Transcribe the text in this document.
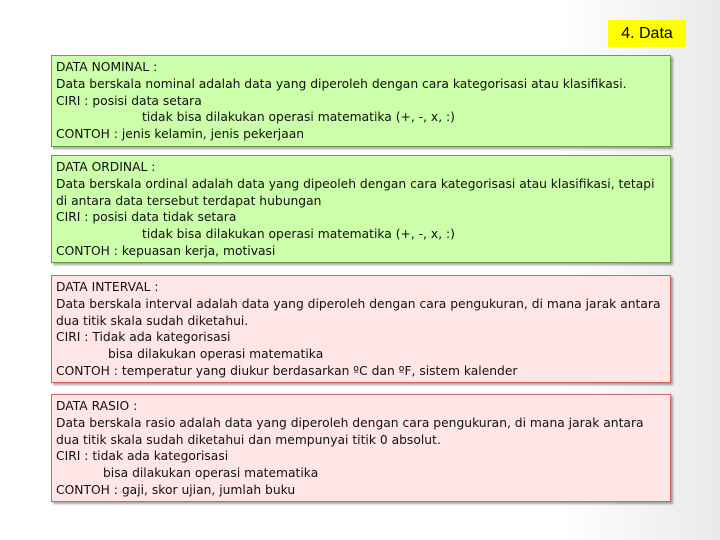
4. Data

DATA NOMINAL :

Data berskala nominal adalah data yang diperoleh dengan cara kategorisasi atau klasifikasi.

CIRI : posisi data setara

tidak bisa dilakukan operasi matematika (+, -, x, :)

CONTOH : jenis kelamin, jenis pekerjaan

DATA ORDINAL :

Data berskala ordinal adalah data yang dipeoleh dengan cara kategorisasi atau klasifikasi, tetapi di antara data tersebut terdapat hubungan

CIRI : posisi data tidak setara

tidak bisa dilakukan operasi matematika (+, -, x, :)

CONTOH : kepuasan kerja, motivasi

DATA INTERVAL :

Data berskala interval adalah data yang diperoleh dengan cara pengukuran, di mana jarak antara dua titik skala sudah diketahui.

CIRI : Tidak ada kategorisasi

bisa dilakukan operasi matematika

CONTOH : temperatur yang diukur berdasarkan ºC dan ºF, sistem kalender

DATA RASIO :

Data berskala rasio adalah data yang diperoleh dengan cara pengukuran, di mana jarak antara dua titik skala sudah diketahui dan mempunyai titik 0 absolut.

CIRI : tidak ada kategorisasi

bisa dilakukan operasi matematika

CONTOH : gaji, skor ujian, jumlah buku
